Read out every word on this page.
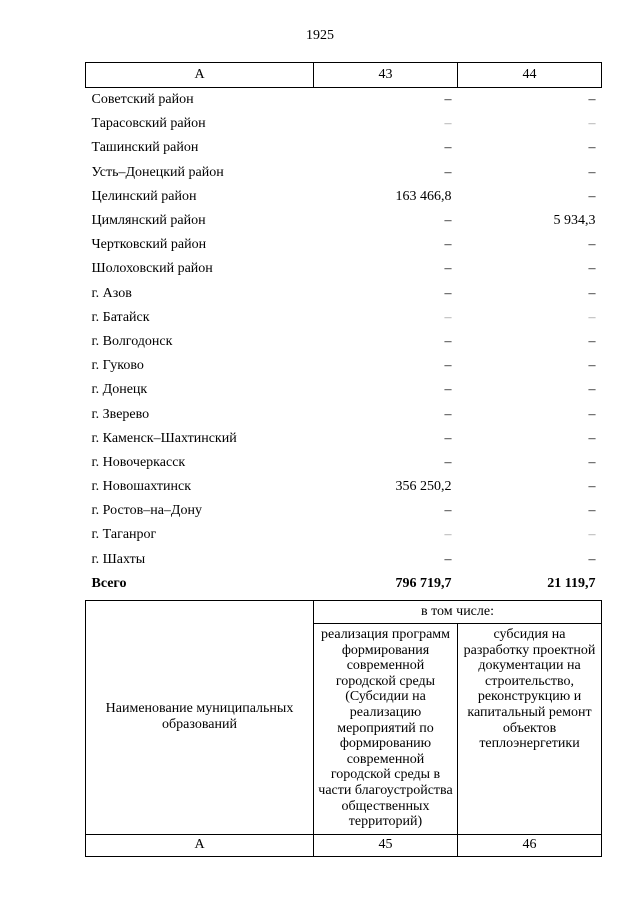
1925
А	43	44
Советский район	–	–
Тарасовский район	–	–
Ташинский район	–	–
Усть–Донецкий район	–	–
Целинский район	163 466,8	–
Цимлянский район	–	5 934,3
Чертковский район	–	–
Шолоховский район	–	–
г. Азов	–	–
г. Батайск	–	–
г. Волгодонск	–	–
г. Гуково	–	–
г. Донецк	–	–
г. Зверево	–	–
г. Каменск–Шахтинский	–	–
г. Новочеркасск	–	–
г. Новошахтинск	356 250,2	–
г. Ростов–на–Дону	–	–
г. Таганрог	–	–
г. Шахты	–	–
Всего	796 719,7	21 119,7
Наименование муниципальных образований	в том числе:	
	реализация программ формирования современной городской среды (Субсидии на реализацию мероприятий по формированию современной городской среды в части благоустройства общественных территорий)	субсидия на разработку проектной документации на строительство, реконструкцию и капитальный ремонт объектов теплоэнергетики
А	45	46
